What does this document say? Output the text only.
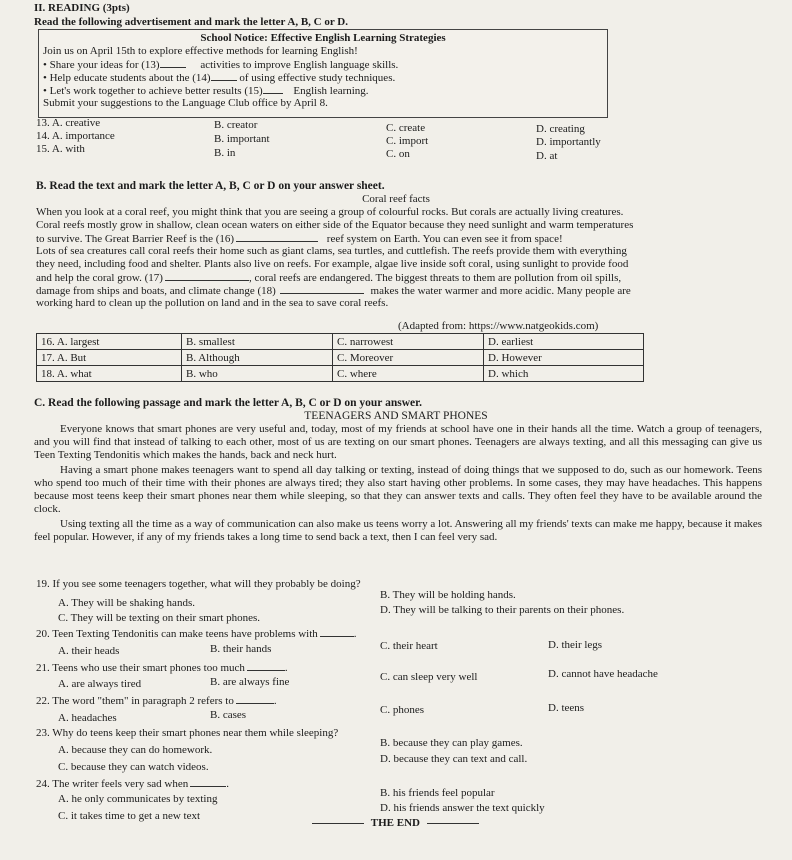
II. READING (3pts)
Read the following advertisement and mark the letter A, B, C or D.
School Notice: Effective English Learning Strategies
Join us on April 15th to explore effective methods for learning English!
• Share your ideas for (13)	activities to improve English language skills.
• Help educate students about the (14)	of using effective study techniques.
• Let's work together to achieve better results (15)	English learning.
Submit your suggestions to the Language Club office by April 8.
13. A. creative	B. creator	C. create	D. creating
14. A. importance	B. important	C. import	D. importantly
15. A. with	B. in	C. on	D. at
B. Read the text and mark the letter A, B, C or D on your answer sheet.
Coral reef facts
When you look at a coral reef, you might think that you are seeing a group of colourful rocks. But corals are actually living creatures.
Coral reefs mostly grow in shallow, clean ocean waters on either side of the Equator because they need sunlight and warm temperatures
to survive. The Great Barrier Reef is the (16)	reef system on Earth. You can even see it from space!
Lots of sea creatures call coral reefs their home such as giant clams, sea turtles, and cuttlefish. The reefs provide them with everything
they need, including food and shelter. Plants also live on reefs. For example, algae live inside soft coral, using sunlight to provide food
and help the coral grow. (17)	, coral reefs are endangered. The biggest threats to them are pollution from oil spills,
damage from ships and boats, and climate change (18)	makes the water warmer and more acidic. Many people are
working hard to clean up the pollution on land and in the sea to save coral reefs.
(Adapted from: https://www.natgeokids.com)
16. A. largest	B. smallest	C. narrowest	D. earliest
17. A. But	B. Although	C. Moreover	D. However
18. A. what	B. who	C. where	D. which
C. Read the following passage and mark the letter A, B, C or D on your answer.
TEENAGERS AND SMART PHONES
Everyone knows that smart phones are very useful and, today, most of my friends at school have one in their hands all the time. Watch a group of teenagers, and you will find that instead of talking to each other, most of us are texting on our smart phones. Teenagers are always texting, and all this messaging can give us Teen Texting Tendonitis which makes the hands, back and neck hurt.
Having a smart phone makes teenagers want to spend all day talking or texting, instead of doing things that we supposed to do, such as our homework. Teens who spend too much of their time with their phones are always tired; they also start having other problems. In some cases, they may have headaches. This happens because most teens keep their smart phones near them while sleeping, so that they can answer texts and calls. They often feel they have to be available around the clock.
Using texting all the time as a way of communication can also make us teens worry a lot. Answering all my friends' texts can make me happy, because it makes feel popular. However, if any of my friends takes a long time to send back a text, then I can feel very sad.
19. If you see some teenagers together, what will they probably be doing?
A. They will be shaking hands.
B. They will be holding hands.
C. They will be texting on their smart phones.
D. They will be talking to their parents on their phones.
20. Teen Texting Tendonitis can make teens have problems with	.
A. their heads	B. their hands	C. their heart	D. their legs
21. Teens who use their smart phones too much	.
A. are always tired	B. are always fine	C. can sleep very well	D. cannot have headache
22. The word "them" in paragraph 2 refers to	.
A. headaches	B. cases	C. phones	D. teens
23. Why do teens keep their smart phones near them while sleeping?
A. because they can do homework.
B. because they can play games.
C. because they can watch videos.
D. because they can text and call.
24. The writer feels very sad when	.
A. he only communicates by texting	B. his friends feel popular
C. it takes time to get a new text
D. his friends answer the text quickly
THE END
